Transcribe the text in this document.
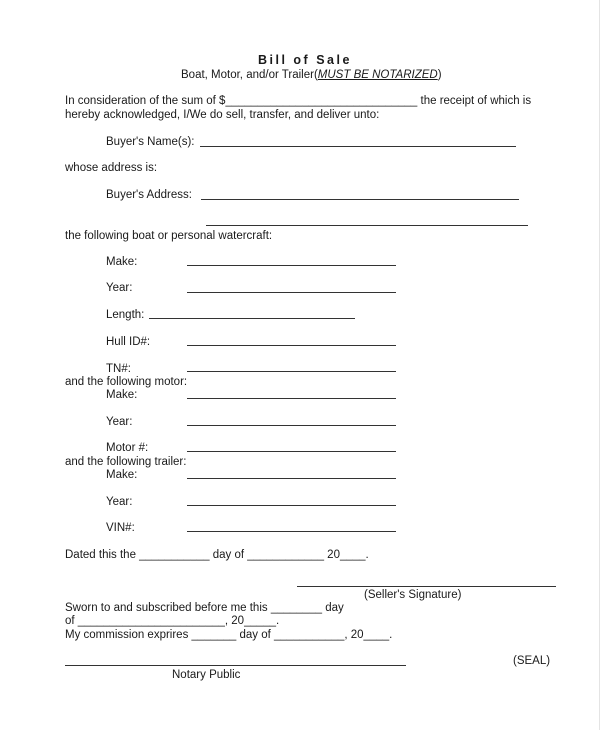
Bill of Sale
Boat, Motor, and/or Trailer(MUST BE NOTARIZED)
In consideration of the sum of $______________________________ the receipt of which is
hereby acknowledged, I/We do sell, transfer, and deliver unto:
Buyer's Name(s):
whose address is:
Buyer's Address:
the following boat or personal watercraft:
Make:
Year:
Length:
Hull ID#:
TN#:
and the following motor:
Make:
Year:
Motor #:
and the following trailer:
Make:
Year:
VIN#:
Dated this the ___________ day of ____________ 20____.
(Seller's Signature)
Sworn to and subscribed before me this ________ day
of _______________________, 20_____.
My commission exprires _______ day of ___________, 20____.
(SEAL)
Notary Public
